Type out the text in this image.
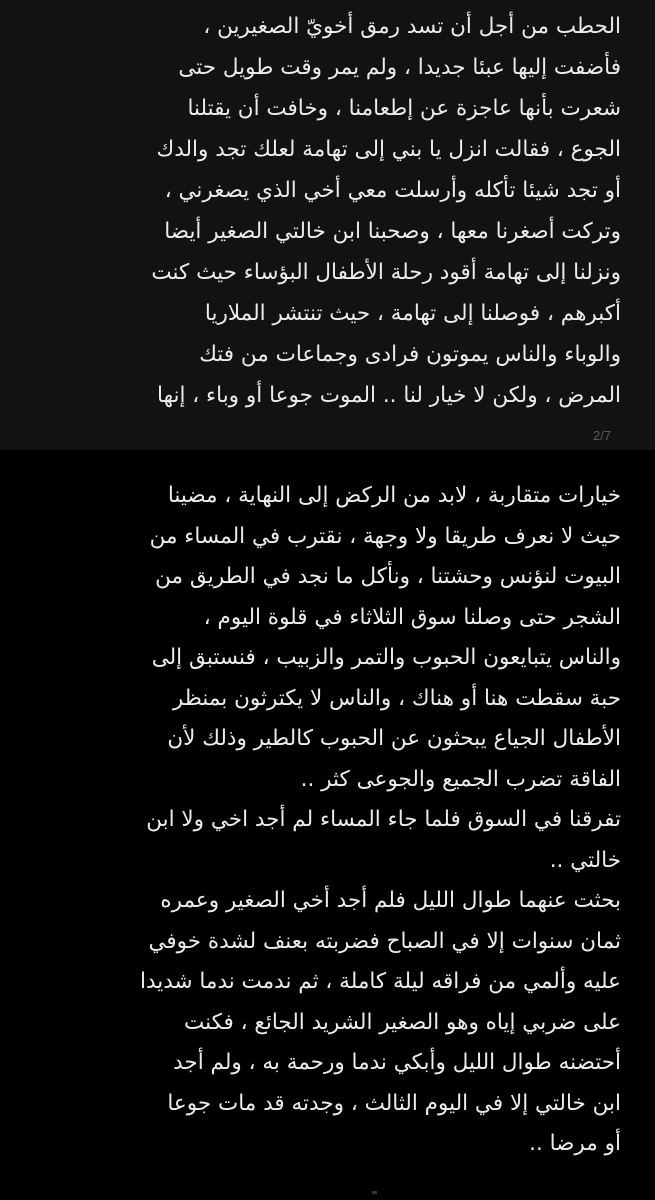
الحطب من أجل أن تسد رمق أخويّ الصغيرين ،
فأضفت إليها عبئا جديدا ، ولم يمر وقت طويل حتى
شعرت بأنها عاجزة عن إطعامنا ، وخافت أن يقتلنا
الجوع ، فقالت انزل يا بني إلى تهامة لعلك تجد والدك
أو تجد شيئا تأكله وأرسلت معي أخي الذي يصغرني ،
وتركت أصغرنا معها ، وصحبنا ابن خالتي الصغير أيضا
ونزلنا إلى تهامة أقود رحلة الأطفال البؤساء حيث كنت
أكبرهم ، فوصلنا إلى تهامة ، حيث تنتشر الملاريا
والوباء والناس يموتون فرادى وجماعات من فتك
المرض ، ولكن لا خيار لنا .. الموت جوعا أو وباء ، إنها
2/7
خيارات متقاربة ، لابد من الركض إلى النهاية ، مضينا
حيث لا نعرف طريقا ولا وجهة ، نقترب في المساء من
البيوت لنؤنس وحشتنا ، ونأكل ما نجد في الطريق من
الشجر حتى وصلنا سوق الثلاثاء في قلوة اليوم ،
والناس يتبايعون الحبوب والتمر والزبيب ، فنستبق إلى
حبة سقطت هنا أو هناك ، والناس لا يكترثون بمنظر
الأطفال الجياع يبحثون عن الحبوب كالطير وذلك لأن
الفاقة تضرب الجميع والجوعى كثر ..
تفرقنا في السوق فلما جاء المساء لم أجد اخي ولا ابن
خالتي ..
بحثت عنهما طوال الليل فلم أجد أخي الصغير وعمره
ثمان سنوات إلا في الصباح فضربته بعنف لشدة خوفي
عليه وألمي من فراقه ليلة كاملة ، ثم ندمت ندما شديدا
على ضربي إياه وهو الصغير الشريد الجائع ، فكنت
أحتضنه طوال الليل وأبكي ندما ورحمة به ، ولم أجد
ابن خالتي إلا في اليوم الثالث ، وجدته قد مات جوعا
أو مرضا ..
